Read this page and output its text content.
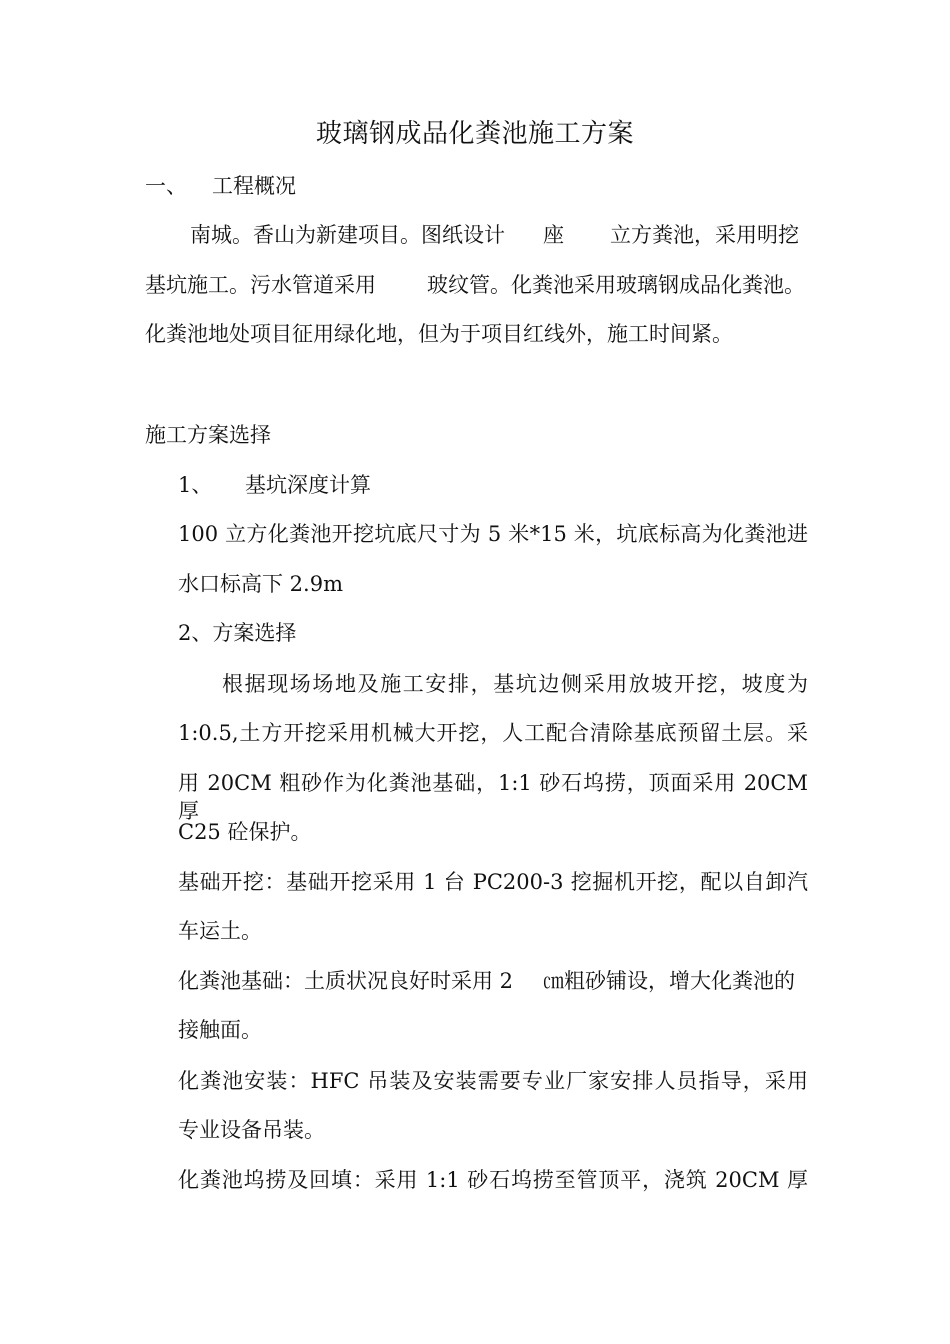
玻璃钢成品化粪池施工方案
一、 工程概况
南城。香山为新建项目。图纸设计 座 立方粪池，采用明挖
基坑施工。污水管道采用 玻纹管。化粪池采用玻璃钢成品化粪池。
化粪池地处项目征用绿化地，但为于项目红线外，施工时间紧。
施工方案选择
1、 基坑深度计算
100 立方化粪池开挖坑底尺寸为 5 米*15 米，坑底标高为化粪池进
水口标高下 2.9m
2、方案选择
根据现场场地及施工安排，基坑边侧采用放坡开挖，坡度为
1:0.5,土方开挖采用机械大开挖，人工配合清除基底预留土层。采
用 20CM 粗砂作为化粪池基础，1:1 砂石坞捞，顶面采用 20CM 厚
C25 砼保护。
基础开挖：基础开挖采用 1 台 PC200-3 挖掘机开挖，配以自卸汽
车运土。
化粪池基础：土质状况良好时采用 2 ㎝粗砂铺设，增大化粪池的
接触面。
化粪池安装：HFC 吊装及安装需要专业厂家安排人员指导，采用
专业设备吊装。
化粪池坞捞及回填：采用 1:1 砂石坞捞至管顶平，浇筑 20CM 厚
